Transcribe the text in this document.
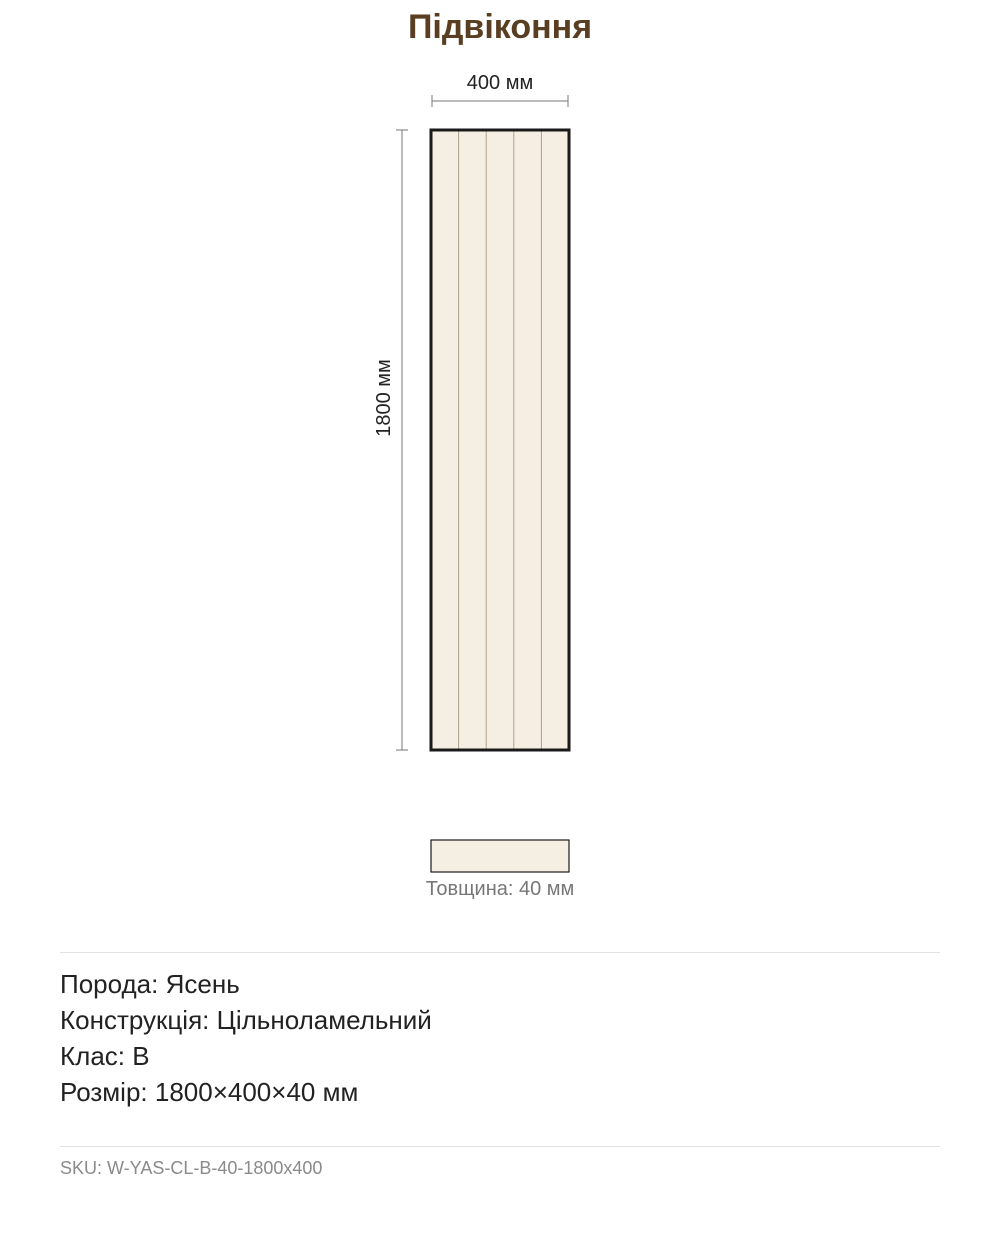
Підвіконня
400 мм
1800 мм
Товщина: 40 мм
Порода: Ясень
Конструкція: Цільноламельний
Клас: B
Розмір: 1800×400×40 мм
SKU: W-YAS-CL-B-40-1800x400
